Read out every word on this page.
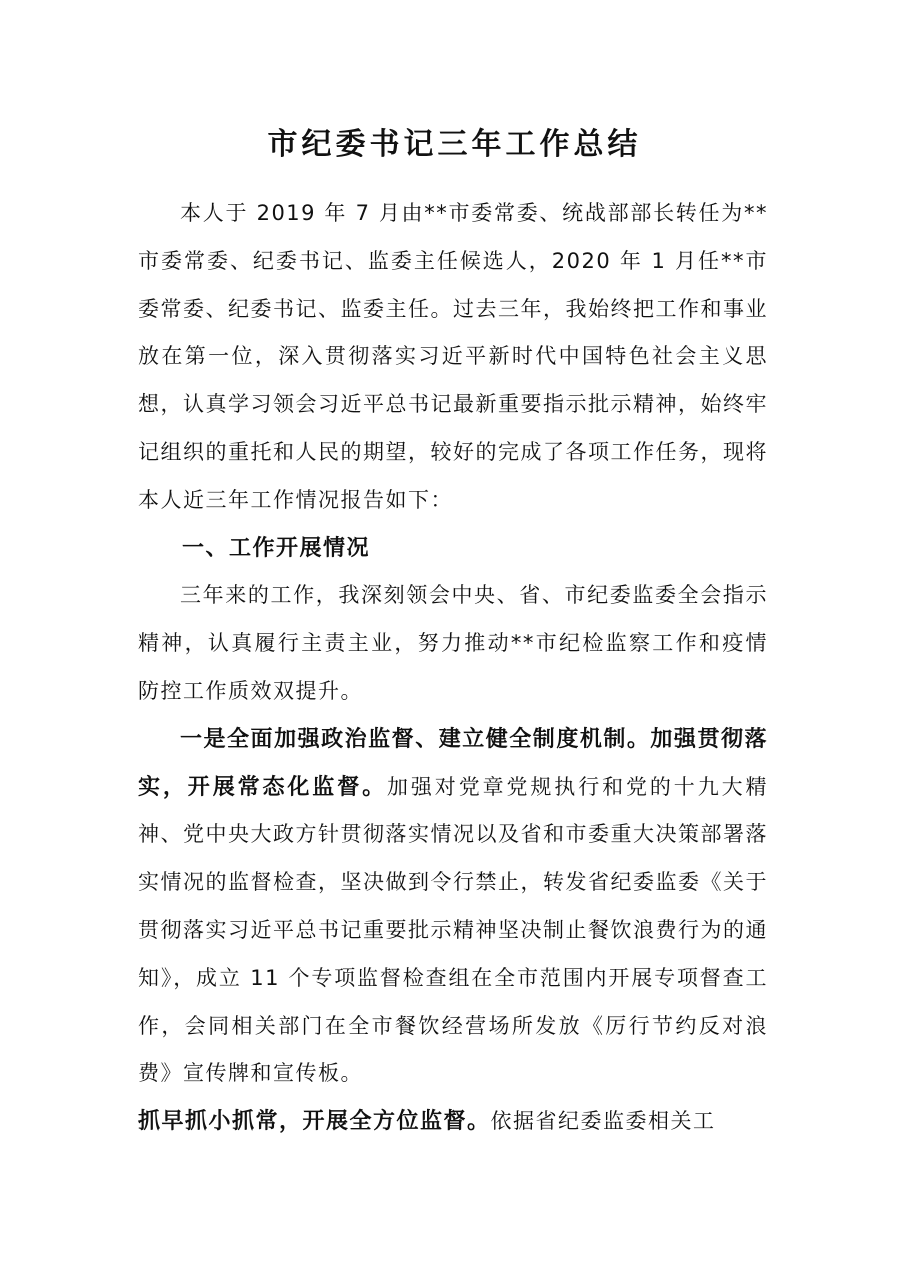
市纪委书记三年工作总结

本人于 2019 年 7 月由**市委常委、统战部部长转任为**市委常委、纪委书记、监委主任候选人，2020 年 1 月任**市委常委、纪委书记、监委主任。过去三年，我始终把工作和事业放在第一位，深入贯彻落实习近平新时代中国特色社会主义思想，认真学习领会习近平总书记最新重要指示批示精神，始终牢记组织的重托和人民的期望，较好的完成了各项工作任务，现将本人近三年工作情况报告如下：

一、工作开展情况

三年来的工作，我深刻领会中央、省、市纪委监委全会指示精神，认真履行主责主业，努力推动**市纪检监察工作和疫情防控工作质效双提升。

一是全面加强政治监督、建立健全制度机制。加强贯彻落实，开展常态化监督。加强对党章党规执行和党的十九大精神、党中央大政方针贯彻落实情况以及省和市委重大决策部署落实情况的监督检查，坚决做到令行禁止，转发省纪委监委《关于贯彻落实习近平总书记重要批示精神坚决制止餐饮浪费行为的通知》，成立 11 个专项监督检查组在全市范围内开展专项督查工作，会同相关部门在全市餐饮经营场所发放《厉行节约反对浪费》宣传牌和宣传板。

抓早抓小抓常，开展全方位监督。依据省纪委监委相关工
